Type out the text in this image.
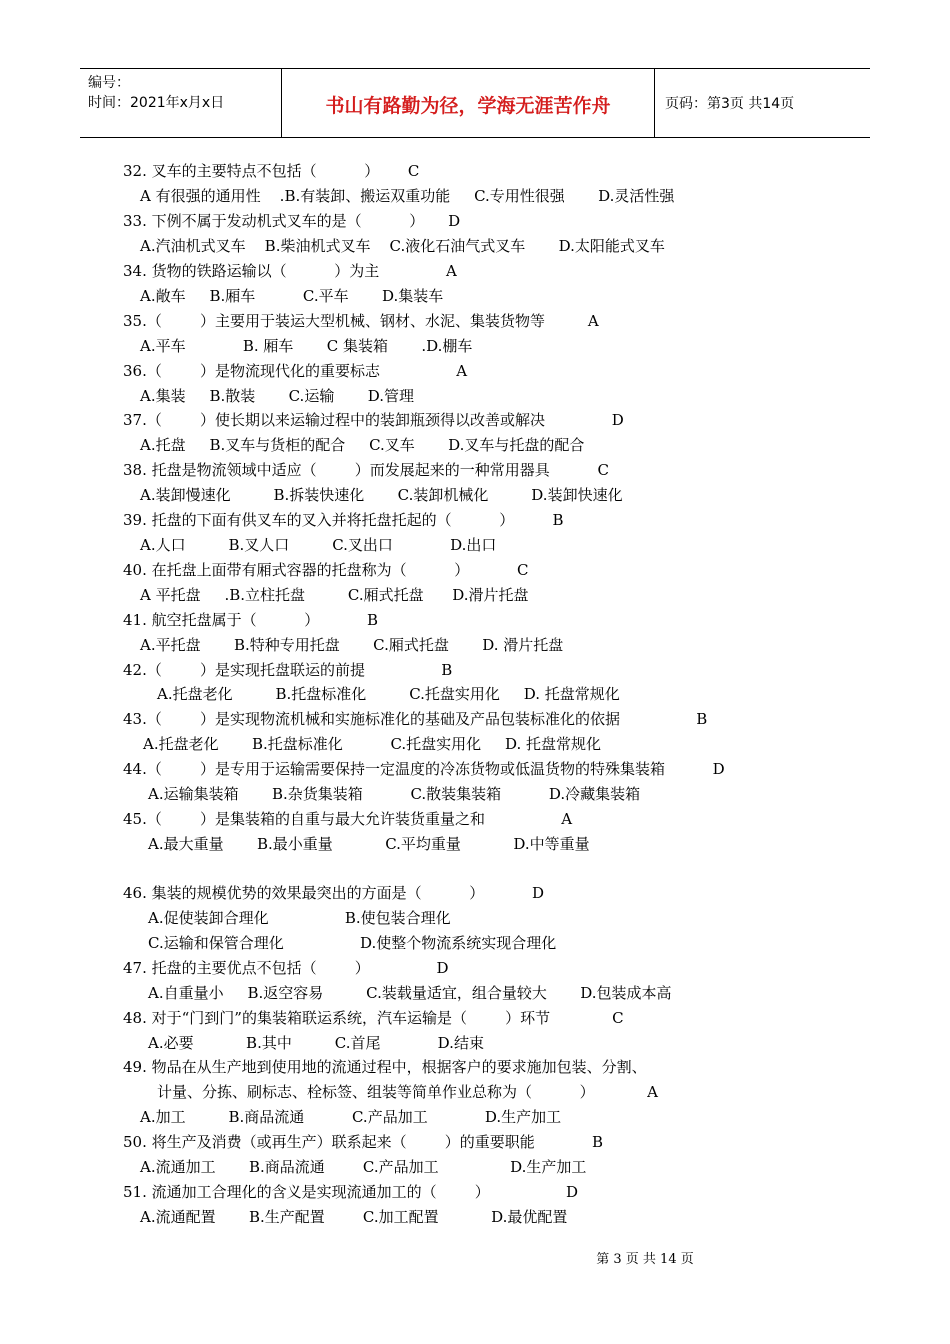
编号：
时间：2021年x月x日	书山有路勤为径，学海无涯苦作舟	页码：第3页 共14页
32. 叉车的主要特点不包括（          ）      C
A 有很强的通用性    .B.有装卸、搬运双重功能     C.专用性很强       D.灵活性强
33. 下例不属于发动机式叉车的是（          ）     D
A.汽油机式叉车    B.柴油机式叉车    C.液化石油气式叉车       D.太阳能式叉车
34. 货物的铁路运输以（          ）为主              A
A.敞车     B.厢车          C.平车       D.集装车
35.（        ）主要用于装运大型机械、钢材、水泥、集装货物等         A
A.平车            B. 厢车       C 集装箱       .D.棚车
36.（        ）是物流现代化的重要标志                A
A.集装     B.散装       C.运输       D.管理
37.（        ）使长期以来运输过程中的装卸瓶颈得以改善或解决              D
A.托盘     B.叉车与货柜的配合     C.叉车       D.叉车与托盘的配合
38. 托盘是物流领域中适应（        ）而发展起来的一种常用器具          C
A.装卸慢速化         B.拆装快速化       C.装卸机械化         D.装卸快速化
39. 托盘的下面有供叉车的叉入并将托盘托起的（          ）        B
A.人口         B.叉人口         C.叉出口            D.出口
40. 在托盘上面带有厢式容器的托盘称为（          ）          C
A 平托盘     .B.立柱托盘         C.厢式托盘      D.滑片托盘
41. 航空托盘属于（          ）          B
A.平托盘       B.特种专用托盘       C.厢式托盘       D. 滑片托盘
42.（        ）是实现托盘联运的前提                B
A.托盘老化         B.托盘标准化         C.托盘实用化     D. 托盘常规化
43.（        ）是实现物流机械和实施标准化的基础及产品包装标准化的依据                B
A.托盘老化       B.托盘标准化          C.托盘实用化     D. 托盘常规化
44.（        ）是专用于运输需要保持一定温度的冷冻货物或低温货物的特殊集装箱          D
A.运输集装箱       B.杂货集装箱          C.散装集装箱          D.冷藏集装箱
45.（        ）是集装箱的自重与最大允许装货重量之和                A
A.最大重量       B.最小重量           C.平均重量           D.中等重量
46. 集装的规模优势的效果最突出的方面是（          ）          D
A.促使装卸合理化                B.使包装合理化
C.运输和保管合理化                D.使整个物流系统实现合理化
47. 托盘的主要优点不包括（        ）              D
A.自重量小     B.返空容易         C.装载量适宜，组合量较大       D.包装成本高
48. 对于“门到门”的集装箱联运系统，汽车运输是（        ）环节             C
A.必要           B.其中         C.首尾            D.结束
49. 物品在从生产地到使用地的流通过程中，根据客户的要求施加包装、分割、
计量、分拣、刷标志、栓标签、组装等简单作业总称为（          ）           A
A.加工         B.商品流通          C.产品加工            D.生产加工
50. 将生产及消费（或再生产）联系起来（        ）的重要职能            B
A.流通加工       B.商品流通        C.产品加工               D.生产加工
51. 流通加工合理化的含义是实现流通加工的（        ）                D
A.流通配置       B.生产配置        C.加工配置           D.最优配置
第 3 页 共 14 页
